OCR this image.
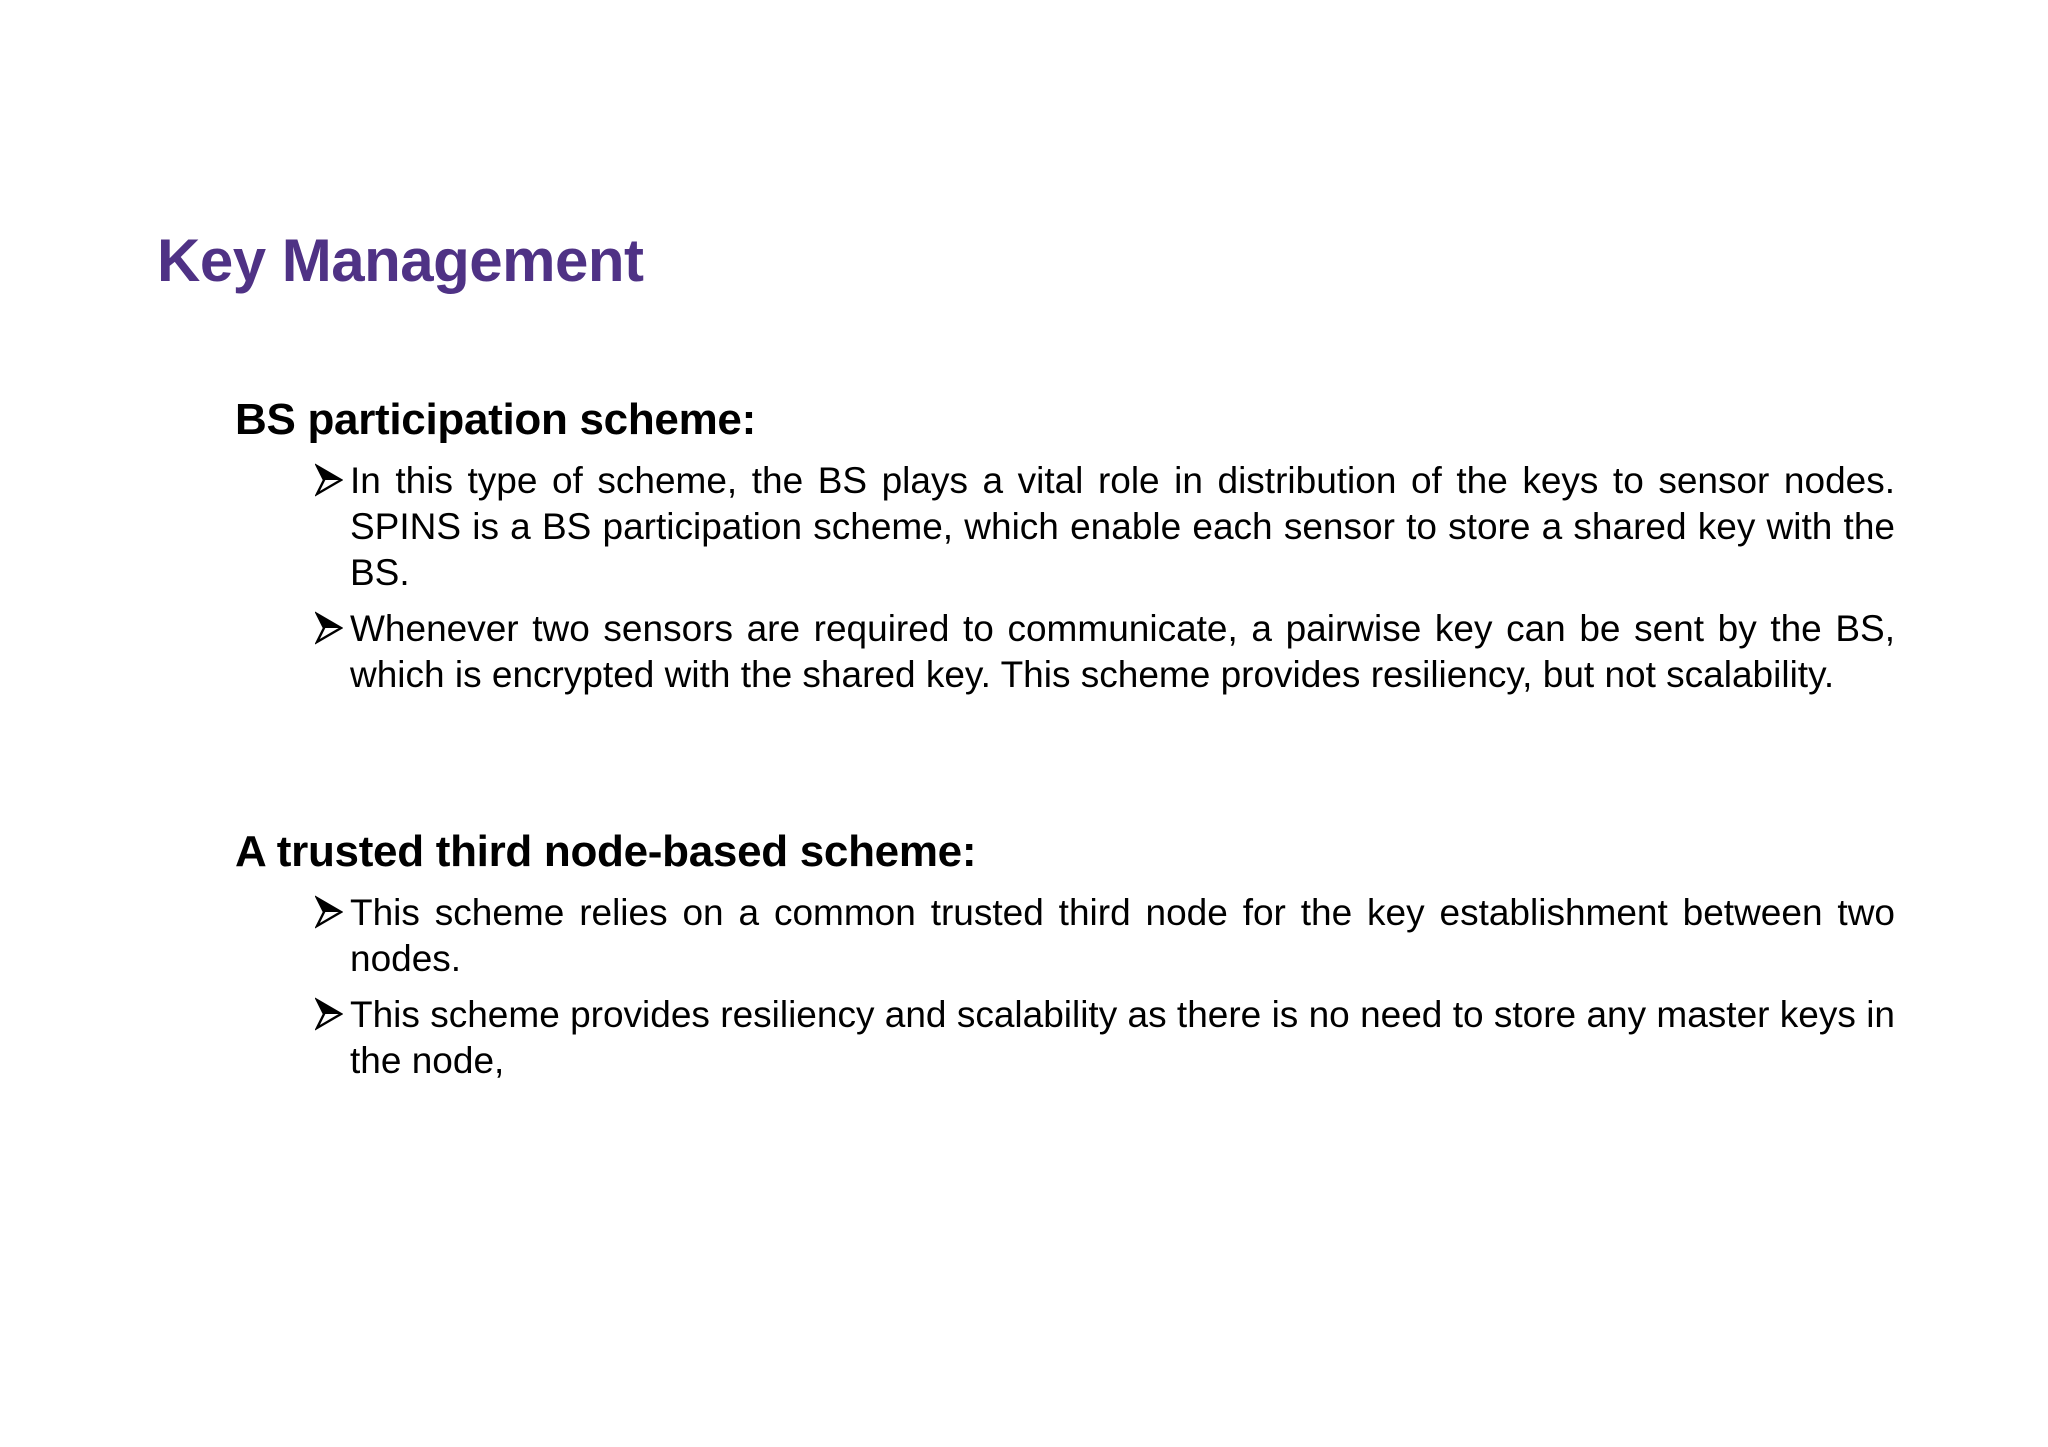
Key Management
BS participation scheme:
In this type of scheme, the BS plays a vital role in distribution of the keys to sensor nodes. SPINS is a BS participation scheme, which enable each sensor to store a shared key with the BS.
Whenever two sensors are required to communicate, a pairwise key can be sent by the BS, which is encrypted with the shared key. This scheme provides resiliency, but not scalability.
A trusted third node-based scheme:
This scheme relies on a common trusted third node for the key establishment between two nodes.
This scheme provides resiliency and scalability as there is no need to store any master keys in the node,
